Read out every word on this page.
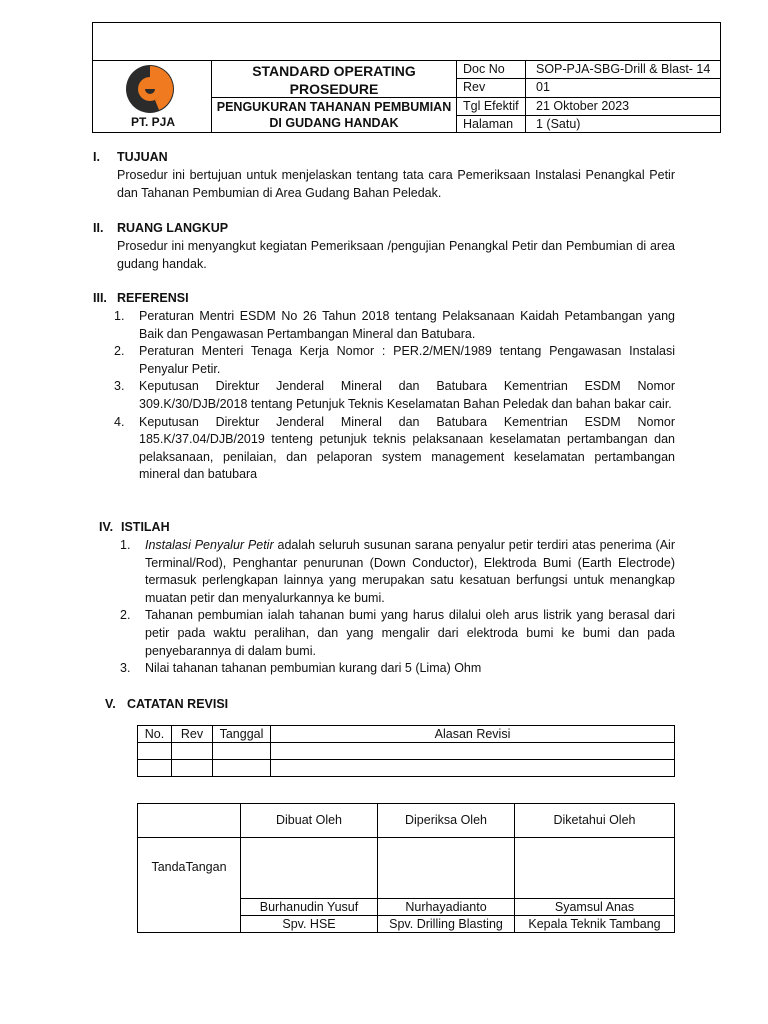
PT. PJA
STANDARD OPERATING
PROSEDURE
PENGUKURAN TAHANAN PEMBUMIAN
DI GUDANG HANDAK
Doc No	SOP-PJA-SBG-Drill & Blast- 14
Rev	01
Tgl Efektif	21 Oktober 2023
Halaman	1 (Satu)
I. TUJUAN
Prosedur ini bertujuan untuk menjelaskan tentang tata cara Pemeriksaan Instalasi Penangkal Petir dan Tahanan Pembumian di Area Gudang Bahan Peledak.
II. RUANG LANGKUP
Prosedur ini menyangkut kegiatan Pemeriksaan /pengujian Penangkal Petir dan Pembumian di area gudang handak.
III. REFERENSI
1. Peraturan Mentri ESDM No 26 Tahun 2018 tentang Pelaksanaan Kaidah Petambangan yang Baik dan Pengawasan Pertambangan Mineral dan Batubara.
2. Peraturan Menteri Tenaga Kerja Nomor : PER.2/MEN/1989 tentang Pengawasan Instalasi Penyalur Petir.
3. Keputusan Direktur Jenderal Mineral dan Batubara Kementrian ESDM Nomor 309.K/30/DJB/2018 tentang Petunjuk Teknis Keselamatan Bahan Peledak dan bahan bakar cair.
4. Keputusan Direktur Jenderal Mineral dan Batubara Kementrian ESDM Nomor 185.K/37.04/DJB/2019 tenteng petunjuk teknis pelaksanaan keselamatan pertambangan dan pelaksanaan, penilaian, dan pelaporan system management keselamatan pertambangan mineral dan batubara
IV. ISTILAH
1. Instalasi Penyalur Petir adalah seluruh susunan sarana penyalur petir terdiri atas penerima (Air Terminal/Rod), Penghantar penurunan (Down Conductor), Elektroda Bumi (Earth Electrode) termasuk perlengkapan lainnya yang merupakan satu kesatuan berfungsi untuk menangkap muatan petir dan menyalurkannya ke bumi.
2. Tahanan pembumian ialah tahanan bumi yang harus dilalui oleh arus listrik yang berasal dari petir pada waktu peralihan, dan yang mengalir dari elektroda bumi ke bumi dan pada penyebarannya di dalam bumi.
3. Nilai tahanan tahanan pembumian kurang dari 5 (Lima) Ohm
V. CATATAN REVISI
No.	Rev	Tanggal	Alasan Revisi

	Dibuat Oleh	Diperiksa Oleh	Diketahui Oleh
TandaTangan			
	Burhanudin Yusuf	Nurhayadianto	Syamsul Anas
	Spv. HSE	Spv. Drilling Blasting	Kepala Teknik Tambang
